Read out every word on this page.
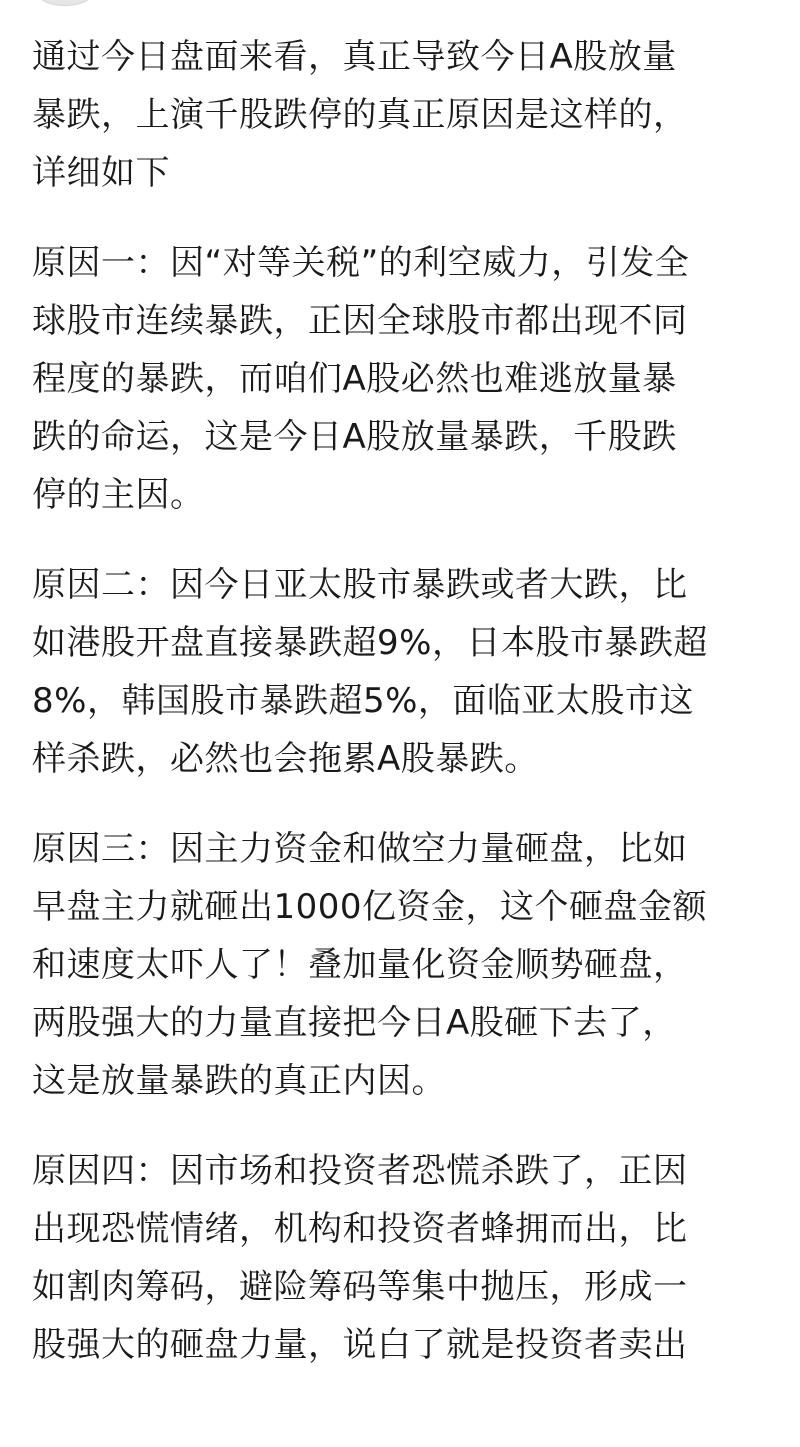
通过今日盘面来看，真正导致今日A股放量
暴跌，上演千股跌停的真正原因是这样的，
详细如下

原因一：因“对等关税”的利空威力，引发全
球股市连续暴跌，正因全球股市都出现不同
程度的暴跌，而咱们A股必然也难逃放量暴
跌的命运，这是今日A股放量暴跌，千股跌
停的主因。

原因二：因今日亚太股市暴跌或者大跌，比
如港股开盘直接暴跌超9%，日本股市暴跌超
8%，韩国股市暴跌超5%，面临亚太股市这
样杀跌，必然也会拖累A股暴跌。

原因三：因主力资金和做空力量砸盘，比如
早盘主力就砸出1000亿资金，这个砸盘金额
和速度太吓人了！叠加量化资金顺势砸盘，
两股强大的力量直接把今日A股砸下去了，
这是放量暴跌的真正内因。

原因四：因市场和投资者恐慌杀跌了，正因
出现恐慌情绪，机构和投资者蜂拥而出，比
如割肉筹码，避险筹码等集中抛压，形成一
股强大的砸盘力量，说白了就是投资者卖出
